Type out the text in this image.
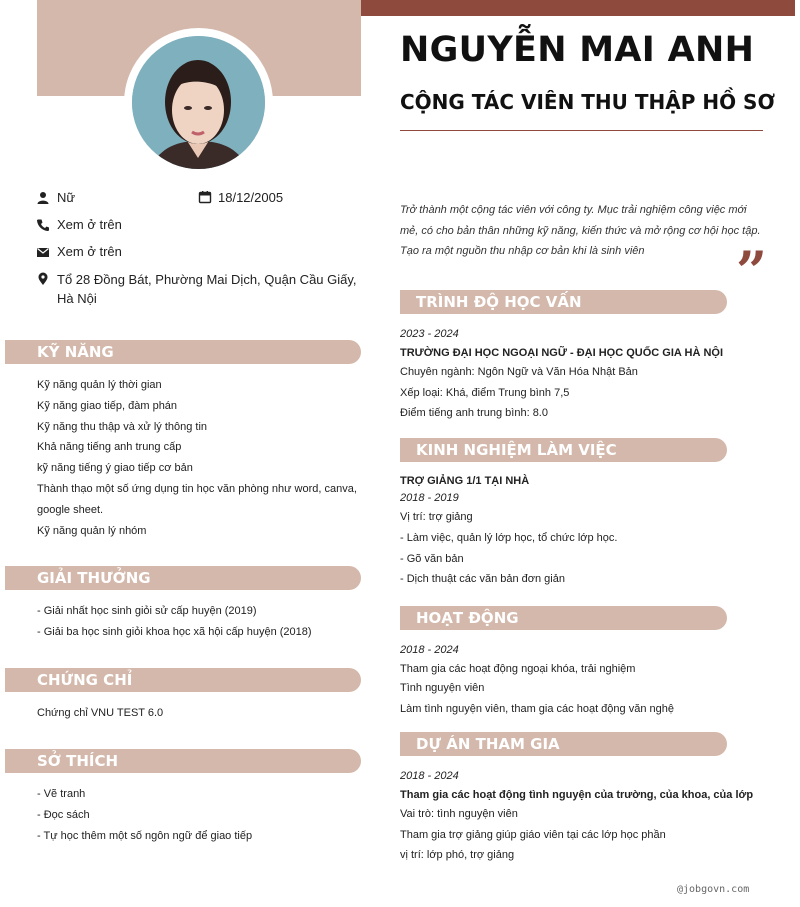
NGUYỄN MAI ANH
CỘNG TÁC VIÊN THU THẬP HỒ SƠ
Nữ	18/12/2005
Xem ở trên
Xem ở trên
Tổ 28 Đồng Bát, Phường Mai Dịch, Quận Cầu Giấy, Hà Nội
KỸ NĂNG
Kỹ năng quản lý thời gian
Kỹ năng giao tiếp, đàm phán
Kỹ năng thu thập và xử lý thông tin
Khả năng tiếng anh trung cấp
kỹ năng tiếng ý giao tiếp cơ bản
Thành thạo một số ứng dụng tin học văn phòng như word, canva, google sheet.
Kỹ năng quản lý nhóm
GIẢI THƯỞNG
- Giải nhất học sinh giỏi sử cấp huyện (2019)
- Giải ba học sinh giỏi khoa học xã hội cấp huyện (2018)
CHỨNG CHỈ
Chứng chỉ VNU TEST 6.0
SỞ THÍCH
- Vẽ tranh
- Đọc sách
- Tự học thêm một số ngôn ngữ để giao tiếp
Trở thành một cộng tác viên với công ty. Mục trải nghiệm công việc mới mẻ, có cho bản thân những kỹ năng, kiến thức và mở rộng cơ hội học tập. Tạo ra một nguồn thu nhập cơ bản khi là sinh viên	”
TRÌNH ĐỘ HỌC VẤN
2023 - 2024
TRƯỜNG ĐẠI HỌC NGOẠI NGỮ - ĐẠI HỌC QUỐC GIA HÀ NỘI
Chuyên ngành: Ngôn Ngữ và Văn Hóa Nhật Bản
Xếp loại: Khá, điểm Trung bình 7,5
Điểm tiếng anh trung bình: 8.0
KINH NGHIỆM LÀM VIỆC
TRỢ GIẢNG 1/1 TẠI NHÀ
2018 - 2019
Vị trí: trợ giảng
- Làm việc, quản lý lớp học, tổ chức lớp học.
- Gõ văn bản
- Dịch thuật các văn bản đơn giản
HOẠT ĐỘNG
2018 - 2024
Tham gia các hoạt động ngoại khóa, trải nghiệm
Tình nguyện viên
Làm tình nguyện viên, tham gia các hoạt động văn nghệ
DỰ ÁN THAM GIA
2018 - 2024
Tham gia các hoạt động tình nguyện của trường, của khoa, của lớp
Vai trò: tình nguyện viên
Tham gia trợ giảng giúp giáo viên tại các lớp học phần
vị trí: lớp phó, trợ giảng
@jobgovn.com
